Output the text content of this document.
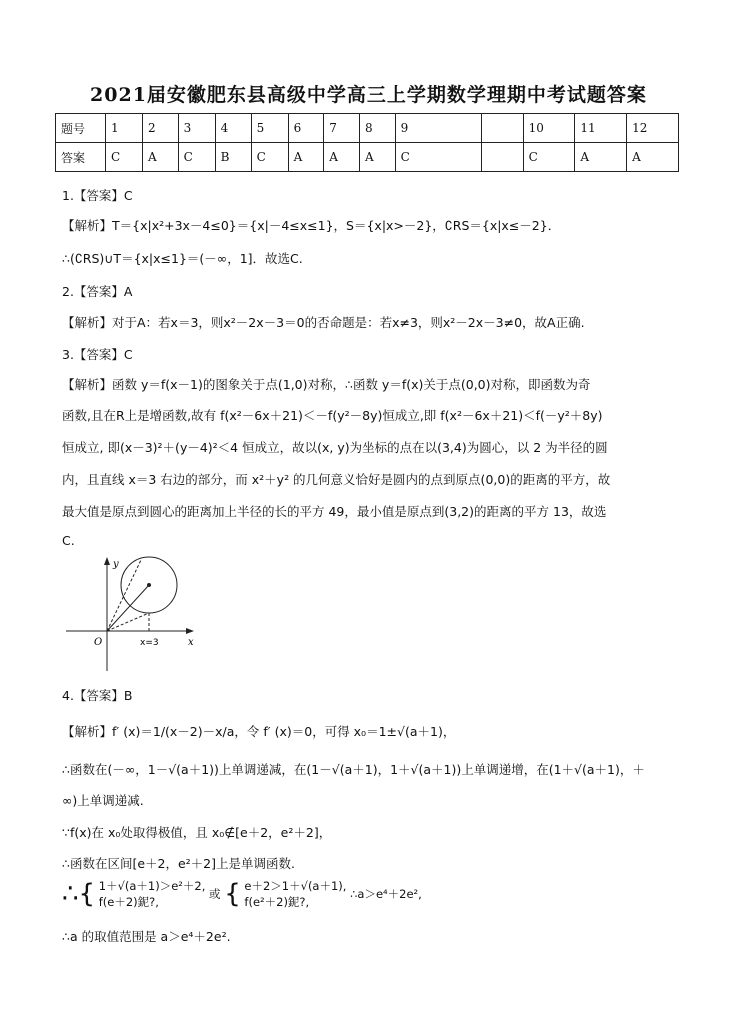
2021届安徽肥东县高级中学高三上学期数学理期中考试题答案
题号	1	2	3	4	5	6	7	8	9		10	11	12
答案	C	A	C	B	C	A	A	A	C		C	A	A
1.【答案】C
【解析】T＝{x|x²+3x－4≤0}＝{x|－4≤x≤1}，S＝{x|x>－2}，∁RS＝{x|x≤－2}．
∴(∁RS)∪T＝{x|x≤1}＝(－∞，1]．故选C.
2.【答案】A
【解析】对于A：若x＝3，则x²－2x－3＝0的否命题是：若x≠3，则x²－2x－3≠0，故A正确.
3.【答案】C
【解析】函数 y＝f(x－1)的图象关于点(1,0)对称，∴函数 y＝f(x)关于点(0,0)对称，即函数为奇
函数,且在R上是增函数,故有 f(x²－6x＋21)＜－f(y²－8y)恒成立,即 f(x²－6x＋21)＜f(－y²＋8y)
恒成立, 即(x－3)²＋(y－4)²＜4 恒成立，故以(x, y)为坐标的点在以(3,4)为圆心，以 2 为半径的圆
内，且直线 x＝3 右边的部分，而 x²＋y² 的几何意义恰好是圆内的点到原点(0,0)的距离的平方，故
最大值是原点到圆心的距离加上半径的长的平方 49，最小值是原点到(3,2)的距离的平方 13，故选
C.
y
x
O	x=3
4.【答案】B
【解析】f′ (x)＝1/(x－2)－x/a，令 f′ (x)＝0，可得 x₀＝1±√(a＋1)，
∴函数在(－∞，1－√(a＋1))上单调递减，在(1－√(a＋1)，1＋√(a＋1))上单调递增，在(1＋√(a＋1)，＋
∞)上单调递减.
∵f(x)在 x₀处取得极值，且 x₀∉[e＋2，e²＋2]，
∴函数在区间[e＋2，e²＋2]上是单调函数.
∴{ 1＋√(a＋1)＞e²＋2,
f(e＋2)鈮?,
或 { e＋2＞1＋√(a＋1),
f(e²＋2)鈮?,
∴a＞e⁴＋2e²,
∴a 的取值范围是 a＞e⁴＋2e².
